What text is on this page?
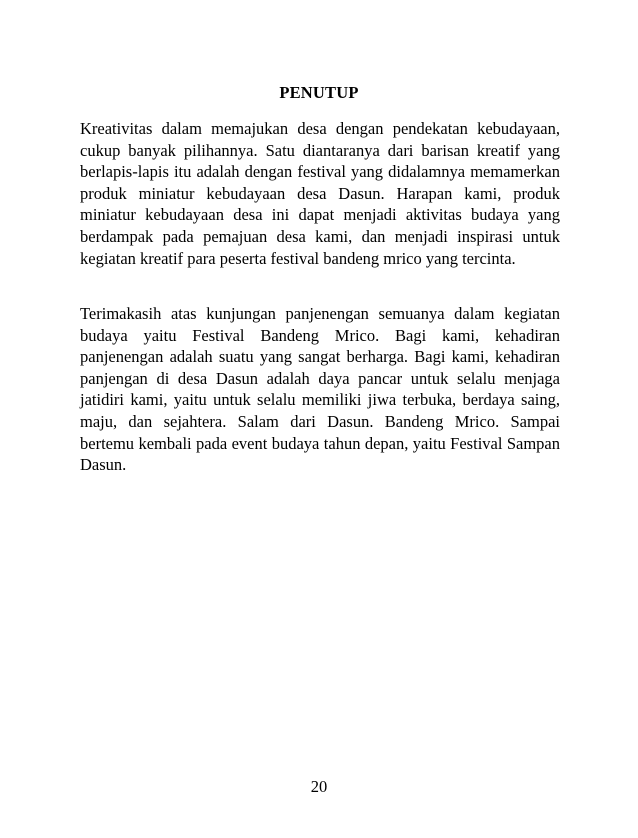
PENUTUP

Kreativitas dalam memajukan desa dengan pendekatan kebudayaan, cukup banyak pilihannya. Satu diantaranya dari barisan kreatif yang berlapis-lapis itu adalah dengan festival yang didalamnya memamerkan produk miniatur kebudayaan desa Dasun. Harapan kami, produk miniatur kebudayaan desa ini dapat menjadi aktivitas budaya yang berdampak pada pemajuan desa kami, dan menjadi inspirasi untuk kegiatan kreatif para peserta festival bandeng mrico yang tercinta.

Terimakasih atas kunjungan panjenengan semuanya dalam kegiatan budaya yaitu Festival Bandeng Mrico. Bagi kami, kehadiran panjenengan adalah suatu yang sangat berharga. Bagi kami, kehadiran panjengan di desa Dasun adalah daya pancar untuk selalu menjaga jatidiri kami, yaitu untuk selalu memiliki jiwa terbuka, berdaya saing, maju, dan sejahtera. Salam dari Dasun. Bandeng Mrico. Sampai bertemu kembali pada event budaya tahun depan, yaitu Festival Sampan Dasun.

20
